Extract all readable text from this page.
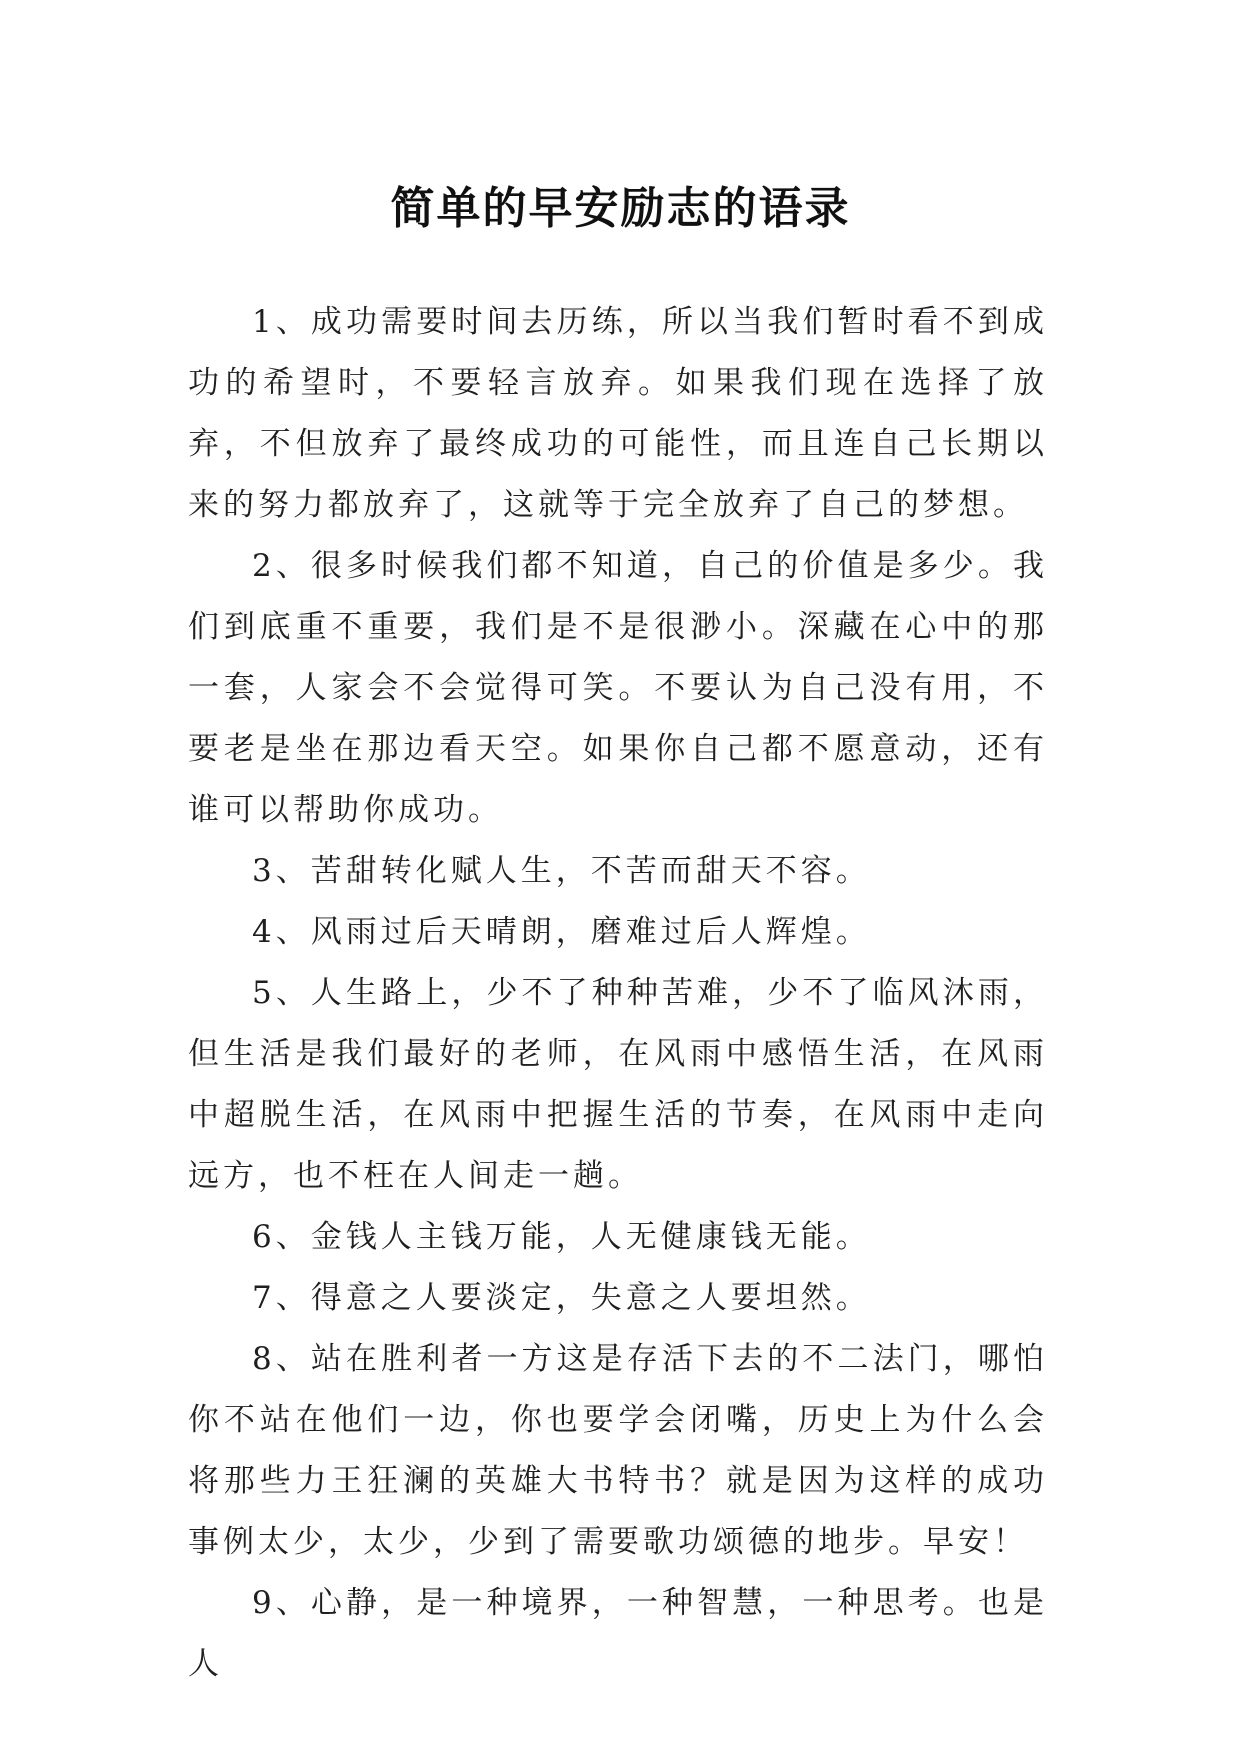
简单的早安励志的语录

1、成功需要时间去历练，所以当我们暂时看不到成功的希望时，不要轻言放弃。如果我们现在选择了放弃，不但放弃了最终成功的可能性，而且连自己长期以来的努力都放弃了，这就等于完全放弃了自己的梦想。

2、很多时候我们都不知道，自己的价值是多少。我们到底重不重要，我们是不是很渺小。深藏在心中的那一套，人家会不会觉得可笑。不要认为自己没有用，不要老是坐在那边看天空。如果你自己都不愿意动，还有谁可以帮助你成功。

3、苦甜转化赋人生，不苦而甜天不容。

4、风雨过后天晴朗，磨难过后人辉煌。

5、人生路上，少不了种种苦难，少不了临风沐雨，但生活是我们最好的老师，在风雨中感悟生活，在风雨中超脱生活，在风雨中把握生活的节奏，在风雨中走向远方，也不枉在人间走一趟。

6、金钱人主钱万能，人无健康钱无能。

7、得意之人要淡定，失意之人要坦然。

8、站在胜利者一方这是存活下去的不二法门，哪怕你不站在他们一边，你也要学会闭嘴，历史上为什么会将那些力王狂澜的英雄大书特书？就是因为这样的成功事例太少，太少，少到了需要歌功颂德的地步。早安！

9、心静，是一种境界，一种智慧，一种思考。也是人
